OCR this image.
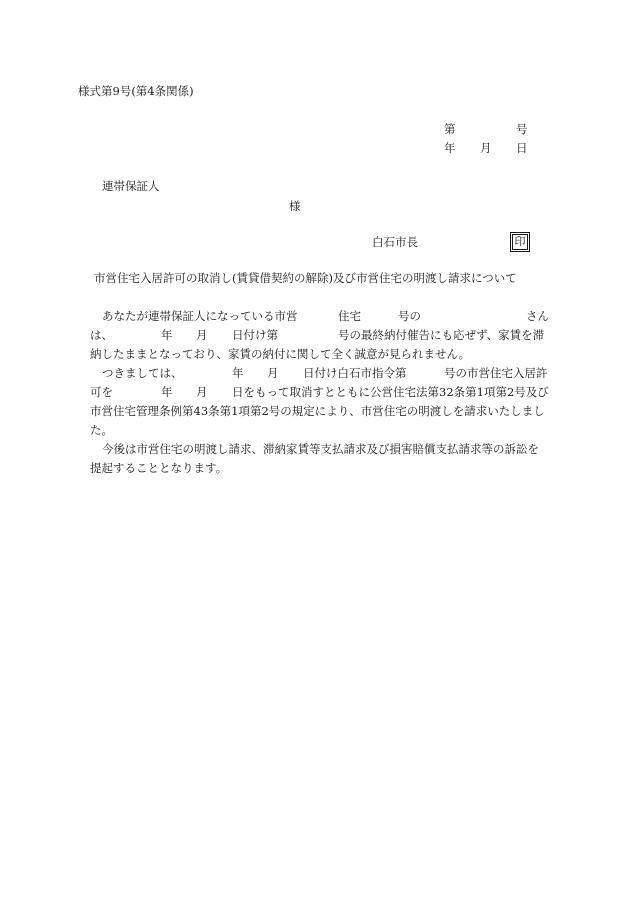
様式第9号(第4条関係)
第	号
年 月 日
連帯保証人
様
白石市長	印
市営住宅入居許可の取消し(賃貸借契約の解除)及び市営住宅の明渡し請求について
あなたが連帯保証人になっている市営	住宅	号の	さん
は、	年 月 日付け第	号の最終納付催告にも応ぜず、家賃を滞
納したままとなっており、家賃の納付に関して全く誠意が見られません。
つきましては、	年 月 日付け白石市指令第	号の市営住宅入居許
可を	年 月 日をもって取消すとともに公営住宅法第32条第1項第2号及び
市営住宅管理条例第43条第1項第2号の規定により、市営住宅の明渡しを請求いたしまし
た。
今後は市営住宅の明渡し請求、滞納家賃等支払請求及び損害賠償支払請求等の訴訟を
提起することとなります。
